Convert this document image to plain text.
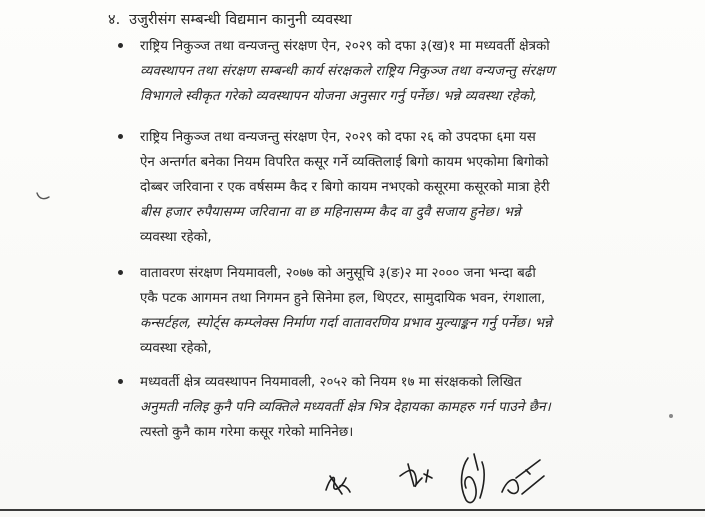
४. उजुरीसंग सम्बन्धी विद्यमान कानुनी व्यवस्था
राष्ट्रिय निकुञ्ज तथा वन्यजन्तु संरक्षण ऐन, २०२९ को दफा ३(ख)१ मा मध्यवर्ती क्षेत्रको
व्यवस्थापन तथा संरक्षण सम्बन्धी कार्य संरक्षकले राष्ट्रिय निकुञ्ज तथा वन्यजन्तु संरक्षण
विभागले स्वीकृत गरेको व्यवस्थापन योजना अनुसार गर्नु पर्नेछ। भन्ने व्यवस्था रहेको,
राष्ट्रिय निकुञ्ज तथा वन्यजन्तु संरक्षण ऐन, २०२९ को दफा २६ को उपदफा ६मा यस
ऐन अन्तर्गत बनेका नियम विपरित कसूर गर्ने व्यक्तिलाई बिगो कायम भएकोमा बिगोको
दोब्बर जरिवाना र एक वर्षसम्म कैद र बिगो कायम नभएको कसूरमा कसूरको मात्रा हेरी
बीस हजार रुपैयासम्म जरिवाना वा छ महिनासम्म कैद वा दुवै सजाय हुनेछ। भन्ने
व्यवस्था रहेको,
वातावरण संरक्षण नियमावली, २०७७ को अनुसूचि ३(ङ)२ मा २००० जना भन्दा बढी
एकै पटक आगमन तथा निगमन हुने सिनेमा हल, थिएटर, सामुदायिक भवन, रंगशाला,
कन्सर्टहल, स्पोर्ट्स कम्प्लेक्स निर्माण गर्दा वातावरणिय प्रभाव मुल्याङ्कन गर्नु पर्नेछ। भन्ने
व्यवस्था रहेको,
मध्यवर्ती क्षेत्र व्यवस्थापन नियमावली, २०५२ को नियम १७ मा संरक्षकको लिखित
अनुमती नलिइ कुनै पनि व्यक्तिले मध्यवर्ती क्षेत्र भित्र देहायका कामहरु गर्न पाउने छैन।
त्यस्तो कुनै काम गरेमा कसूर गरेको मानिनेछ।
